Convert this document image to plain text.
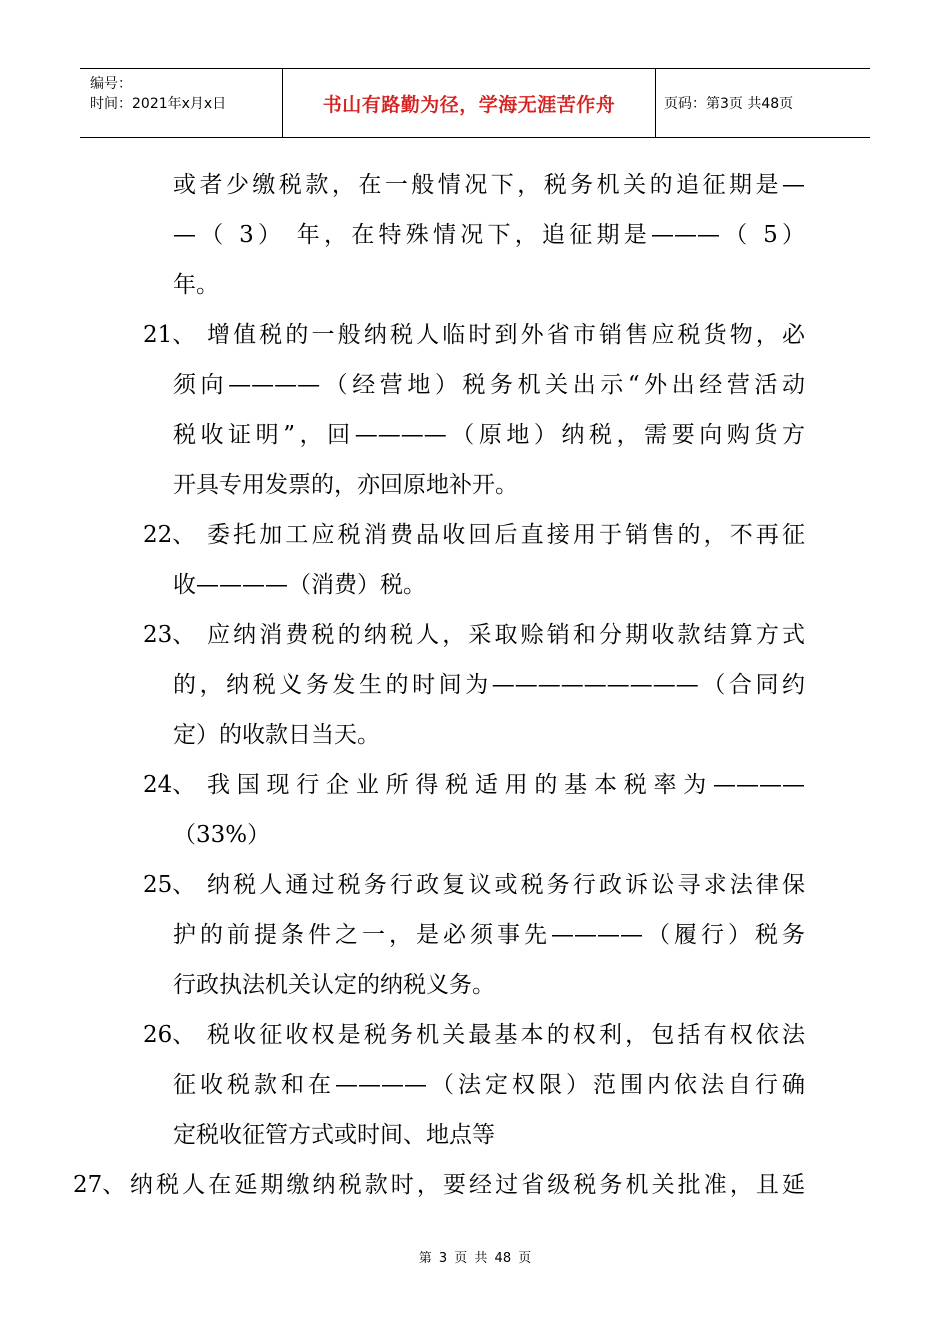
编号：
时间：2021年x月x日	书山有路勤为径，学海无涯苦作舟	页码：第3页 共48页
或者少缴税款，在一般情况下，税务机关的追征期是—
—（ 3） 年，在特殊情况下，追征期是———（ 5）
年。
21、 增值税的一般纳税人临时到外省市销售应税货物，必
须向————（经营地）税务机关出示“外出经营活动
税收证明”，回————（原地）纳税，需要向购货方
开具专用发票的，亦回原地补开。
22、 委托加工应税消费品收回后直接用于销售的，不再征
收————（消费）税。
23、 应纳消费税的纳税人，采取赊销和分期收款结算方式
的，纳税义务发生的时间为—————————（合同约
定）的收款日当天。
24、 我国现行企业所得税适用的基本税率为————
（33%）
25、 纳税人通过税务行政复议或税务行政诉讼寻求法律保
护的前提条件之一，是必须事先————（履行）税务
行政执法机关认定的纳税义务。
26、 税收征收权是税务机关最基本的权利，包括有权依法
征收税款和在————（法定权限）范围内依法自行确
定税收征管方式或时间、地点等
27、 纳税人在延期缴纳税款时，要经过省级税务机关批准，且延
第 3 页 共 48 页
